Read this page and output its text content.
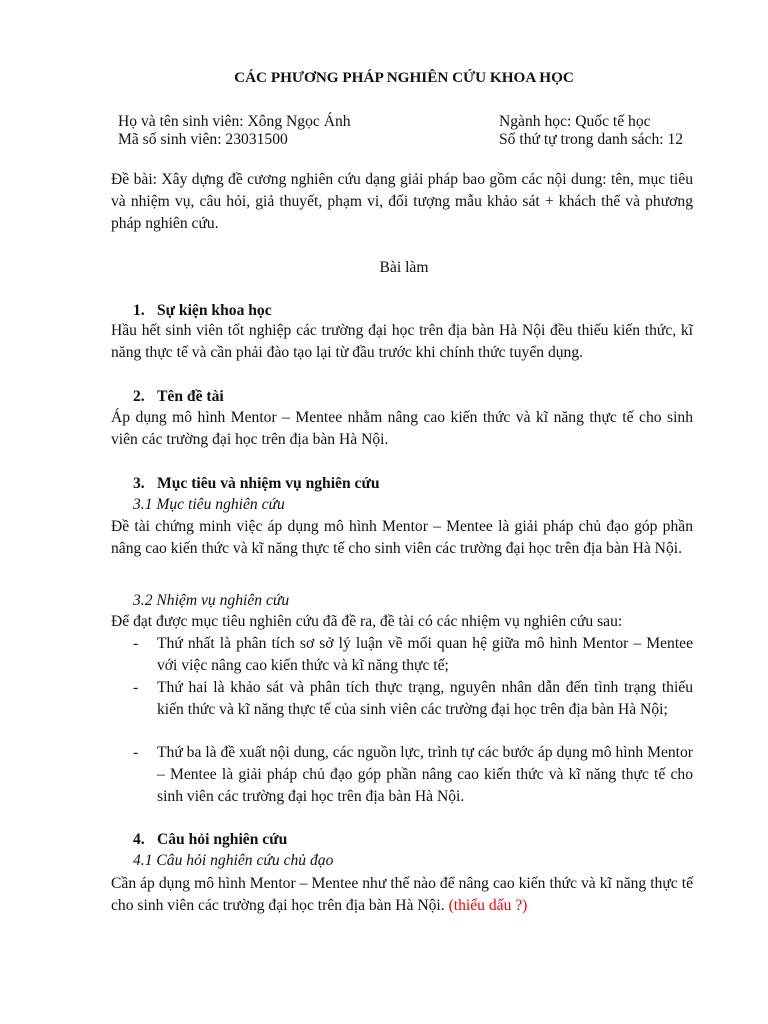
CÁC PHƯƠNG PHÁP NGHIÊN CỨU KHOA HỌC
Họ và tên sinh viên: Xông Ngọc Ánh
Mã số sinh viên: 23031500
Ngành học: Quốc tế học
Số thứ tự trong danh sách: 12
Đề bài: Xây dựng đề cương nghiên cứu dạng giải pháp bao gồm các nội dung: tên, mục tiêu và nhiệm vụ, câu hỏi, giả thuyết, phạm vi, đối tượng mẫu khảo sát + khách thể và phương pháp nghiên cứu.
Bài làm
1. Sự kiện khoa học
Hầu hết sinh viên tốt nghiệp các trường đại học trên địa bàn Hà Nội đều thiếu kiến thức, kĩ năng thực tế và cần phải đào tạo lại từ đầu trước khi chính thức tuyển dụng.
2. Tên đề tài
Áp dụng mô hình Mentor – Mentee nhằm nâng cao kiến thức và kĩ năng thực tế cho sinh viên các trường đại học trên địa bàn Hà Nội.
3. Mục tiêu và nhiệm vụ nghiên cứu
3.1 Mục tiêu nghiên cứu
Đề tài chứng minh việc áp dụng mô hình Mentor – Mentee là giải pháp chủ đạo góp phần nâng cao kiến thức và kĩ năng thực tế cho sinh viên các trường đại học trên địa bàn Hà Nội.
3.2 Nhiệm vụ nghiên cứu
Để đạt được mục tiêu nghiên cứu đã đề ra, đề tài có các nhiệm vụ nghiên cứu sau:
- Thứ nhất là phân tích sơ sở lý luận về mối quan hệ giữa mô hình Mentor – Mentee với việc nâng cao kiến thức và kĩ năng thực tế;
- Thứ hai là khảo sát và phân tích thực trạng, nguyên nhân dẫn đến tình trạng thiếu kiến thức và kĩ năng thực tế của sinh viên các trường đại học trên địa bàn Hà Nội;
- Thứ ba là đề xuất nội dung, các nguồn lực, trình tự các bước áp dụng mô hình Mentor – Mentee là giải pháp chủ đạo góp phần nâng cao kiến thức và kĩ năng thực tế cho sinh viên các trường đại học trên địa bàn Hà Nội.
4. Câu hỏi nghiên cứu
4.1 Câu hỏi nghiên cứu chủ đạo
Cần áp dụng mô hình Mentor – Mentee như thế nào để nâng cao kiến thức và kĩ năng thực tế cho sinh viên các trường đại học trên địa bàn Hà Nội. (thiếu dấu ?)
